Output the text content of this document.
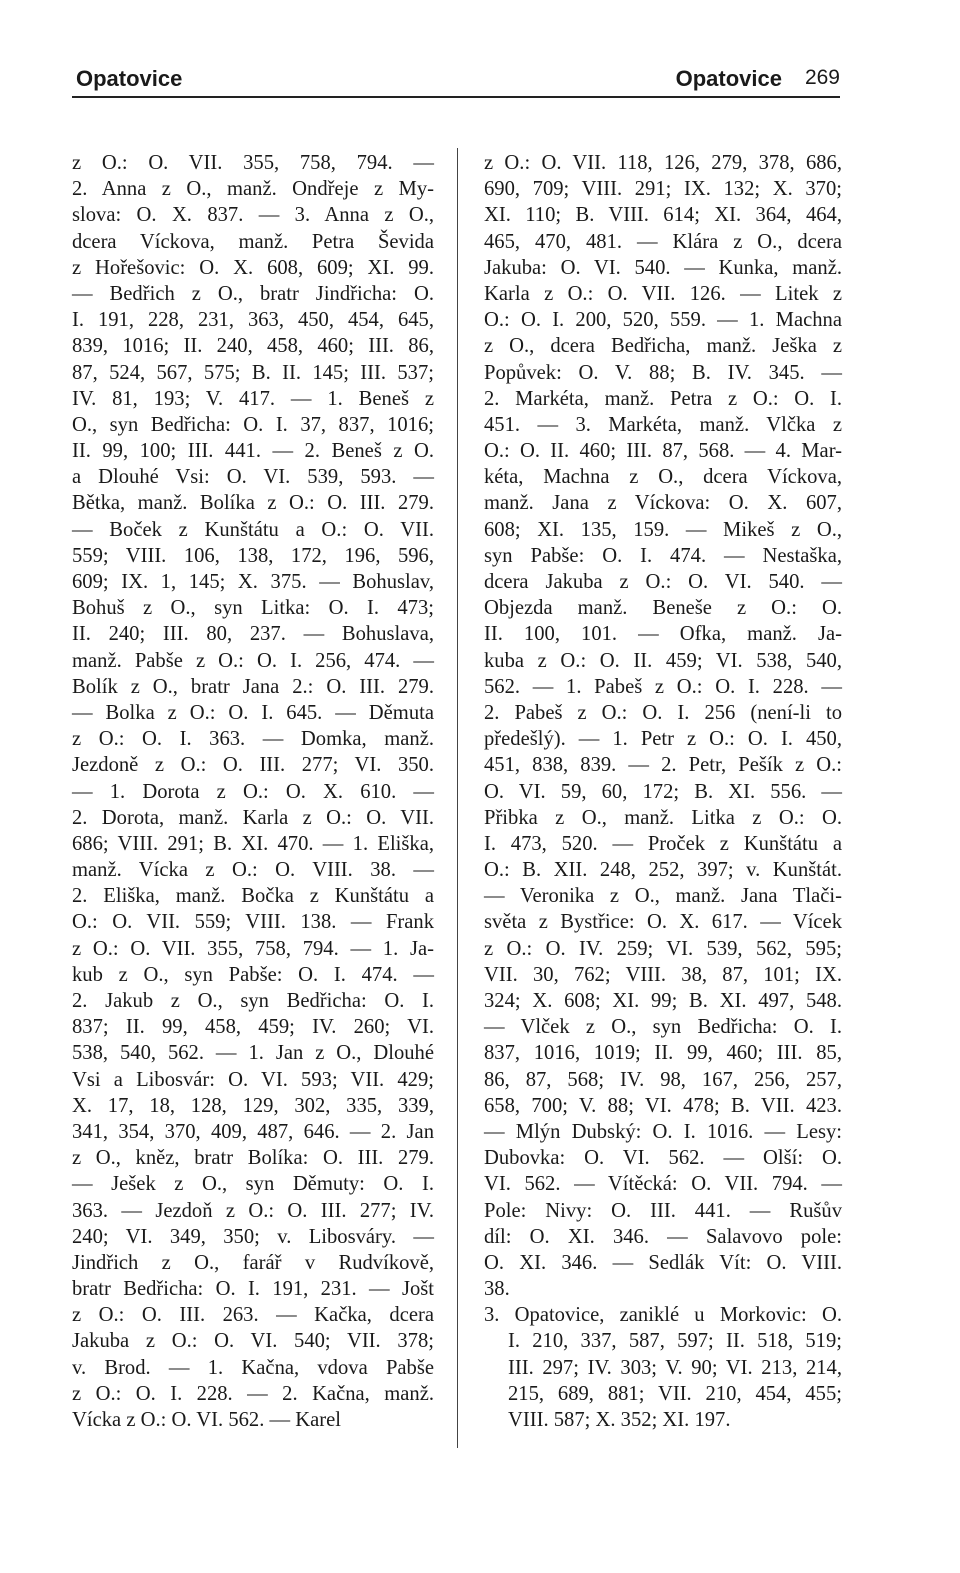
Opatovice	Opatovice 269
z O.: O. VII. 355, 758, 794. —
2. Anna z O., manž. Ondřeje z My-
slova: O. X. 837. — 3. Anna z O.,
dcera Víckova, manž. Petra Ševida
z Hořešovic: O. X. 608, 609; XI. 99.
— Bedřich z O., bratr Jindřicha: O.
I. 191, 228, 231, 363, 450, 454, 645,
839, 1016; II. 240, 458, 460; III. 86,
87, 524, 567, 575; B. II. 145; III. 537;
IV. 81, 193; V. 417. — 1. Beneš z
O., syn Bedřicha: O. I. 37, 837, 1016;
II. 99, 100; III. 441. — 2. Beneš z O.
a Dlouhé Vsi: O. VI. 539, 593. —
Bětka, manž. Bolíka z O.: O. III. 279.
— Boček z Kunštátu a O.: O. VII.
559; VIII. 106, 138, 172, 196, 596,
609; IX. 1, 145; X. 375. — Bohuslav,
Bohuš z O., syn Litka: O. I. 473;
II. 240; III. 80, 237. — Bohuslava,
manž. Pabše z O.: O. I. 256, 474. —
Bolík z O., bratr Jana 2.: O. III. 279.
— Bolka z O.: O. I. 645. — Děmuta
z O.: O. I. 363. — Domka, manž.
Jezdoně z O.: O. III. 277; VI. 350.
— 1. Dorota z O.: O. X. 610. —
2. Dorota, manž. Karla z O.: O. VII.
686; VIII. 291; B. XI. 470. — 1. Eliška,
manž. Vícka z O.: O. VIII. 38. —
2. Eliška, manž. Bočka z Kunštátu a
O.: O. VII. 559; VIII. 138. — Frank
z O.: O. VII. 355, 758, 794. — 1. Ja-
kub z O., syn Pabše: O. I. 474. —
2. Jakub z O., syn Bedřicha: O. I.
837; II. 99, 458, 459; IV. 260; VI.
538, 540, 562. — 1. Jan z O., Dlouhé
Vsi a Libosvár: O. VI. 593; VII. 429;
X. 17, 18, 128, 129, 302, 335, 339,
341, 354, 370, 409, 487, 646. — 2. Jan
z O., kněz, bratr Bolíka: O. III. 279.
— Ješek z O., syn Děmuty: O. I.
363. — Jezdoň z O.: O. III. 277; IV.
240; VI. 349, 350; v. Libosváry. —
Jindřich z O., farář v Rudvíkově,
bratr Bedřicha: O. I. 191, 231. — Jošt
z O.: O. III. 263. — Kačka, dcera
Jakuba z O.: O. VI. 540; VII. 378;
v. Brod. — 1. Kačna, vdova Pabše
z O.: O. I. 228. — 2. Kačna, manž.
Vícka z O.: O. VI. 562. — Karel
z O.: O. VII. 118, 126, 279, 378, 686,
690, 709; VIII. 291; IX. 132; X. 370;
XI. 110; B. VIII. 614; XI. 364, 464,
465, 470, 481. — Klára z O., dcera
Jakuba: O. VI. 540. — Kunka, manž.
Karla z O.: O. VII. 126. — Litek z
O.: O. I. 200, 520, 559. — 1. Machna
z O., dcera Bedřicha, manž. Ješka z
Popůvek: O. V. 88; B. IV. 345. —
2. Markéta, manž. Petra z O.: O. I.
451. — 3. Markéta, manž. Vlčka z
O.: O. II. 460; III. 87, 568. — 4. Mar-
kéta, Machna z O., dcera Víckova,
manž. Jana z Víckova: O. X. 607,
608; XI. 135, 159. — Mikeš z O.,
syn Pabše: O. I. 474. — Nestaška,
dcera Jakuba z O.: O. VI. 540. —
Objezda manž. Beneše z O.: O.
II. 100, 101. — Ofka, manž. Ja-
kuba z O.: O. II. 459; VI. 538, 540,
562. — 1. Pabeš z O.: O. I. 228. —
2. Pabeš z O.: O. I. 256 (není-li to
předešlý). — 1. Petr z O.: O. I. 450,
451, 838, 839. — 2. Petr, Pešík z O.:
O. VI. 59, 60, 172; B. XI. 556. —
Přibka z O., manž. Litka z O.: O.
I. 473, 520. — Proček z Kunštátu a
O.: B. XII. 248, 252, 397; v. Kunštát.
— Veronika z O., manž. Jana Tlači-
světa z Bystřice: O. X. 617. — Vícek
z O.: O. IV. 259; VI. 539, 562, 595;
VII. 30, 762; VIII. 38, 87, 101; IX.
324; X. 608; XI. 99; B. XI. 497, 548.
— Vlček z O., syn Bedřicha: O. I.
837, 1016, 1019; II. 99, 460; III. 85,
86, 87, 568; IV. 98, 167, 256, 257,
658, 700; V. 88; VI. 478; B. VII. 423.
— Mlýn Dubský: O. I. 1016. — Lesy:
Dubovka: O. VI. 562. — Olší: O.
VI. 562. — Vítěcká: O. VII. 794. —
Pole: Nivy: O. III. 441. — Rušův
díl: O. XI. 346. — Salavovo pole:
O. XI. 346. — Sedlák Vít: O. VIII.
38.
3. Opatovice, zaniklé u Morkovic: O.
I. 210, 337, 587, 597; II. 518, 519;
III. 297; IV. 303; V. 90; VI. 213, 214,
215, 689, 881; VII. 210, 454, 455;
VIII. 587; X. 352; XI. 197.
